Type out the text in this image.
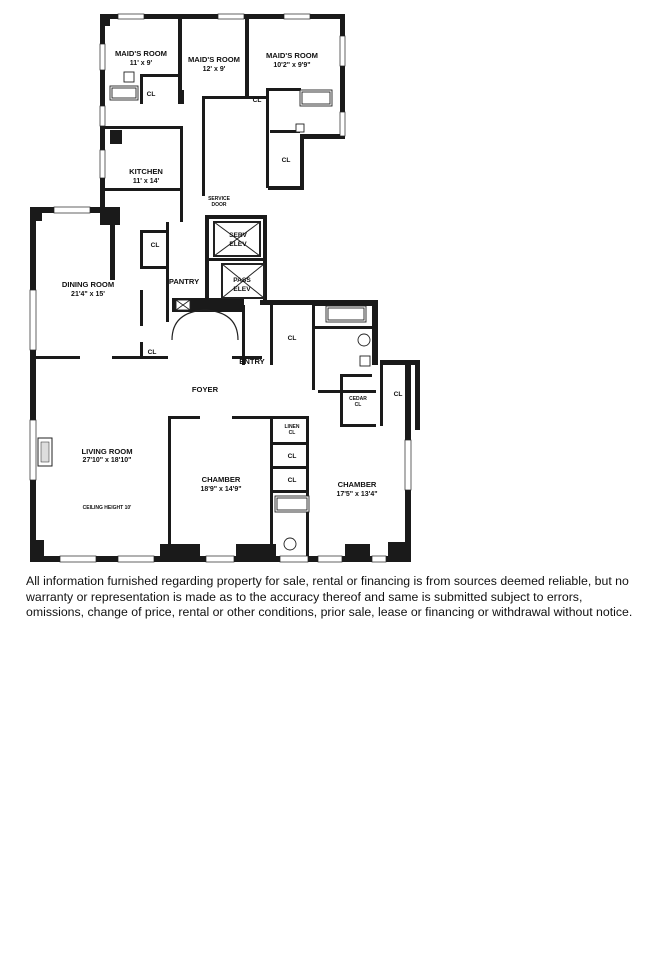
MAID'S ROOM
11' x 9'	MAID'S ROOM
12' x 9'
MAID'S ROOM
10'2" x 9'9"
KITCHEN
11' x 14'
DINING ROOM
21'4" x 15'
LIVING ROOM
27'10" x 18'10"
CEILING HEIGHT 10'
CHAMBER
18'9" x 14'9"
CHAMBER
17'5" x 13'4"
SERVICE
DOOR
SERV
ELEV
PASS
ELEV
PANTRY
FOYER
ENTRY
CL
CL
CL
CL
CL
CL
CL
CL
CL
LINEN
CL
CEDAR
CL

All information furnished regarding property for sale, rental or financing is from sources deemed reliable, but no warranty or representation is made as to the accuracy thereof and same is submitted subject to errors, omissions, change of price, rental or other conditions, prior sale, lease or financing or withdrawal without notice.
